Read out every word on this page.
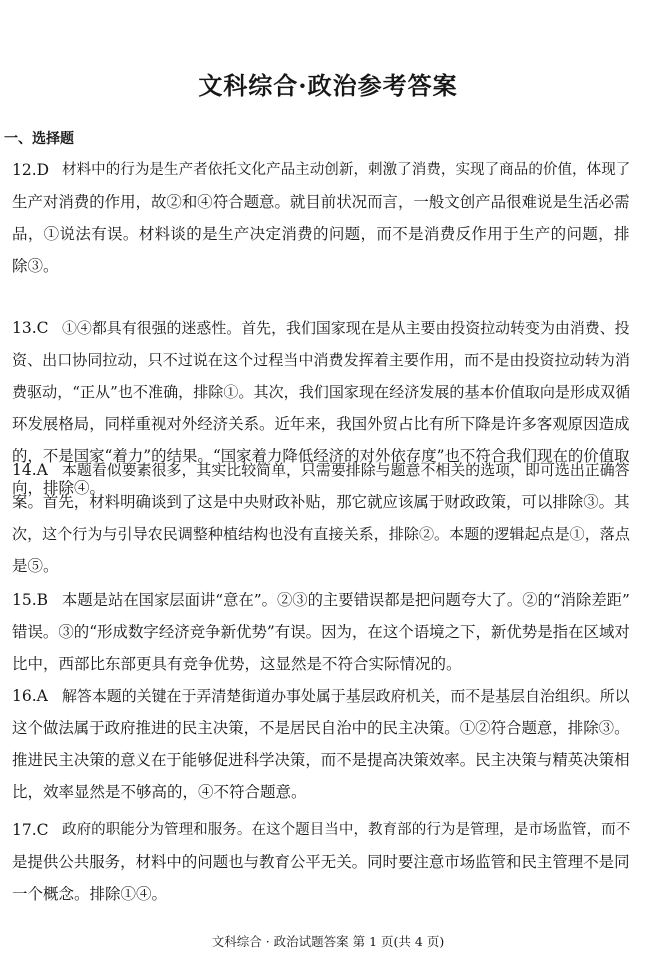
文科综合·政治参考答案
一、选择题
12.D 材料中的行为是生产者依托文化产品主动创新，刺激了消费，实现了商品的价值，体现了
生产对消费的作用，故②和④符合题意。就目前状况而言，一般文创产品很难说是生活必需
品，①说法有误。材料谈的是生产决定消费的问题，而不是消费反作用于生产的问题，排
除③。
13.C ①④都具有很强的迷惑性。首先，我们国家现在是从主要由投资拉动转变为由消费、投
资、出口协同拉动，只不过说在这个过程当中消费发挥着主要作用，而不是由投资拉动转为消
费驱动，“正从”也不准确，排除①。其次，我们国家现在经济发展的基本价值取向是形成双循
环发展格局，同样重视对外经济关系。近年来，我国外贸占比有所下降是许多客观原因造成
的，不是国家“着力”的结果。“国家着力降低经济的对外依存度”也不符合我们现在的价值取
向，排除④。
14.A 本题看似要素很多，其实比较简单，只需要排除与题意不相关的选项，即可选出正确答
案。首先，材料明确谈到了这是中央财政补贴，那它就应该属于财政政策，可以排除③。其
次，这个行为与引导农民调整种植结构也没有直接关系，排除②。本题的逻辑起点是①，落点
是⑤。
15.B 本题是站在国家层面讲“意在”。②③的主要错误都是把问题夸大了。②的“消除差距”
错误。③的“形成数字经济竞争新优势”有误。因为，在这个语境之下，新优势是指在区域对
比中，西部比东部更具有竞争优势，这显然是不符合实际情况的。
16.A 解答本题的关键在于弄清楚街道办事处属于基层政府机关，而不是基层自治组织。所以
这个做法属于政府推进的民主决策，不是居民自治中的民主决策。①②符合题意，排除③。
推进民主决策的意义在于能够促进科学决策，而不是提高决策效率。民主决策与精英决策相
比，效率显然是不够高的，④不符合题意。
17.C 政府的职能分为管理和服务。在这个题目当中，教育部的行为是管理，是市场监管，而不
是提供公共服务，材料中的问题也与教育公平无关。同时要注意市场监管和民主管理不是同
一个概念。排除①④。
文科综合 · 政治试题答案 第 1 页(共 4 页)
